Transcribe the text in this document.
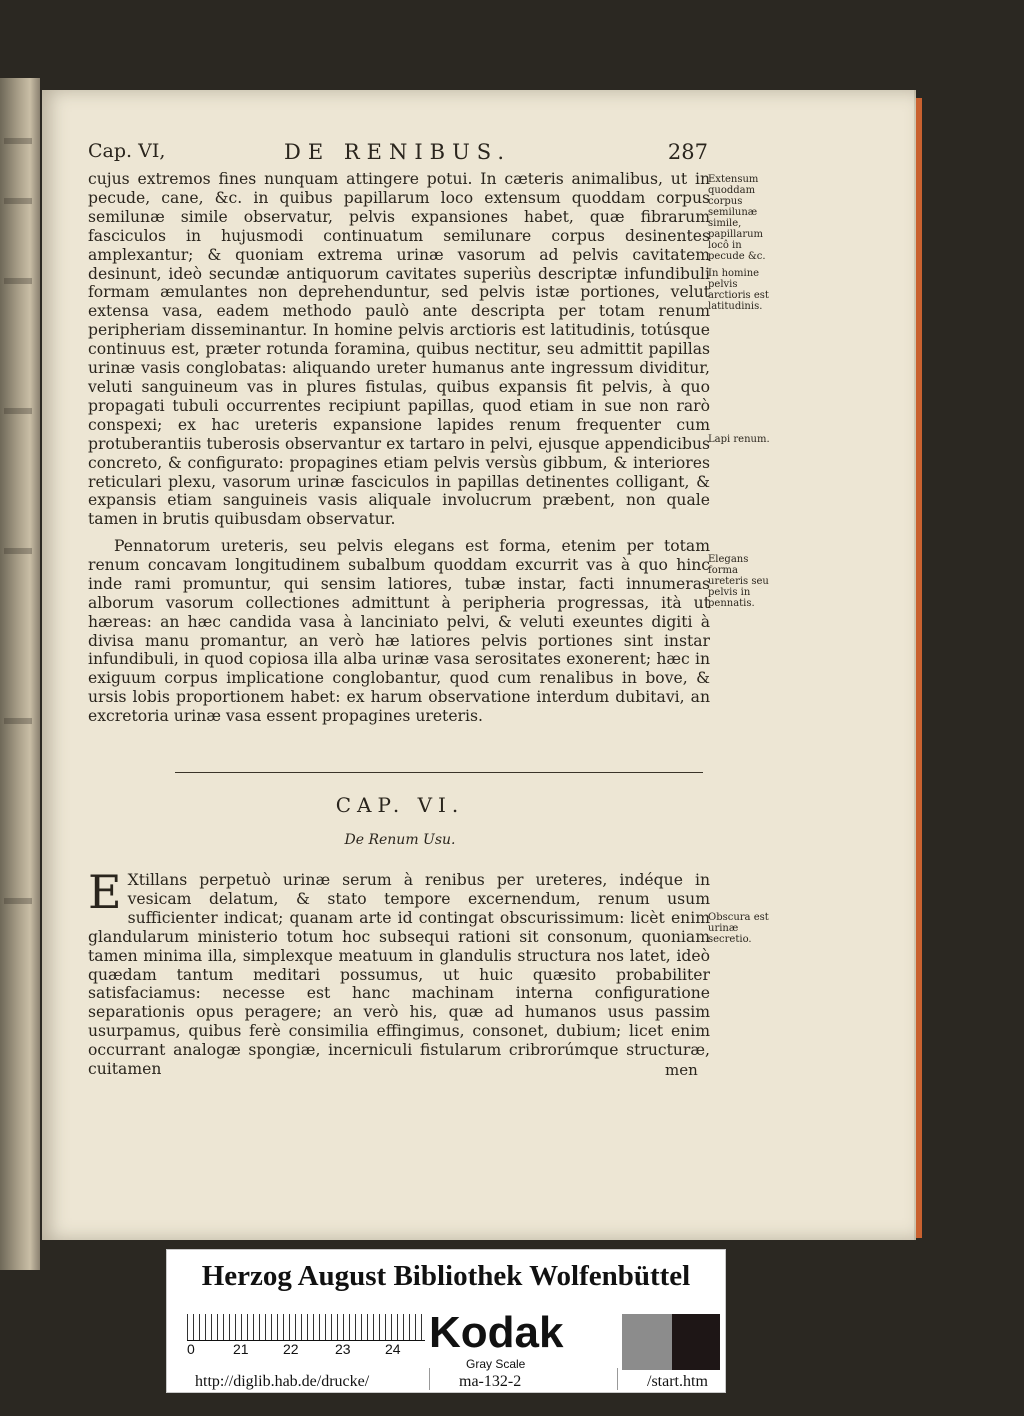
Cap. VI,	DE RENIBUS.	287

cujus extremos fines nunquam attingere potui. In cæteris animalibus, ut in pecude, cane, &c. in quibus papillarum loco extensum quoddam corpus semilunæ simile observatur, pelvis expansiones habet, quæ fibrarum fasciculos in hujusmodi continuatum semilunare corpus desinentes amplexantur; & quoniam extrema urinæ vasorum ad pelvis cavitatem desinunt, ideò secundæ antiquorum cavitates superiùs descriptæ infundibuli formam æmulantes non deprehenduntur, sed pelvis istæ portiones, velut extensa vasa, eadem methodo paulò ante descripta per totam renum peripheriam disseminantur. In homine pelvis arctioris est latitudinis, totúsque continuus est, præter rotunda foramina, quibus nectitur, seu admittit papillas urinæ vasis conglobatas: aliquando ureter humanus ante ingressum dividitur, veluti sanguineum vas in plures fistulas, quibus expansis fit pelvis, à quo propagati tubuli occurrentes recipiunt papillas, quod etiam in sue non rarò conspexi; ex hac ureteris expansione lapides renum frequenter cum protuberantiis tuberosis observantur ex tartaro in pelvi, ejusque appendicibus concreto, & configurato: propagines etiam pelvis versùs gibbum, & interiores reticulari plexu, vasorum urinæ fasciculos in papillas detinentes colligant, & expansis etiam sanguineis vasis aliquale involucrum præbent, non quale tamen in brutis quibusdam observatur.

Pennatorum ureteris, seu pelvis elegans est forma, etenim per totam renum concavam longitudinem subalbum quoddam excurrit vas à quo hinc inde rami promuntur, qui sensim latiores, tubæ instar, facti innumeras alborum vasorum collectiones admittunt à peripheria progressas, ità ut hæreas: an hæc candida vasa à lanciniato pelvi, & veluti exeuntes digiti à divisa manu promantur, an verò hæ latiores pelvis portiones sint instar infundibuli, in quod copiosa illa alba urinæ vasa serositates exonerent; hæc in exiguum corpus implicatione conglobantur, quod cum renalibus in bove, & ursis lobis proportionem habet: ex harum observatione interdum dubitavi, an excretoria urinæ vasa essent propagines ureteris.

CAP. VI.
De Renum Usu.
E Xtillans perpetuò urinæ serum à renibus per ureteres, indéque in vesicam delatum, & stato tempore excernendum, renum usum sufficienter indicat; quanam arte id contingat obscurissimum: licèt enim glandularum ministerio totum hoc subsequi rationi sit consonum, quoniam tamen minima illa, simplexque meatuum in glandulis structura nos latet, ideò quædam tantum meditari possumus, ut huic quæsito probabiliter satisfaciamus: necesse est hanc machinam interna configuratione separationis opus peragere; an verò his, quæ ad humanos usus passim usurpamus, quibus ferè consimilia effingimus, consonet, dubium; licet enim occurrant analogæ spongiæ, incerniculi fistularum cribrorúmque structuræ, cuitamen	men
Extensum quoddam corpus semilunæ simile, papillarum locô in pecude &c.
In homine pelvis arctioris est latitudinis.
Lapi renum.
Elegans forma ureteris seu pelvis in pennatis.
Obscura est urinæ secretio.
Herzog August Bibliothek Wolfenbüttel
0	21 22	23 24 Kodak
Gray Scale
http://diglib.hab.de/drucke/	ma-132-2	/start.htm
